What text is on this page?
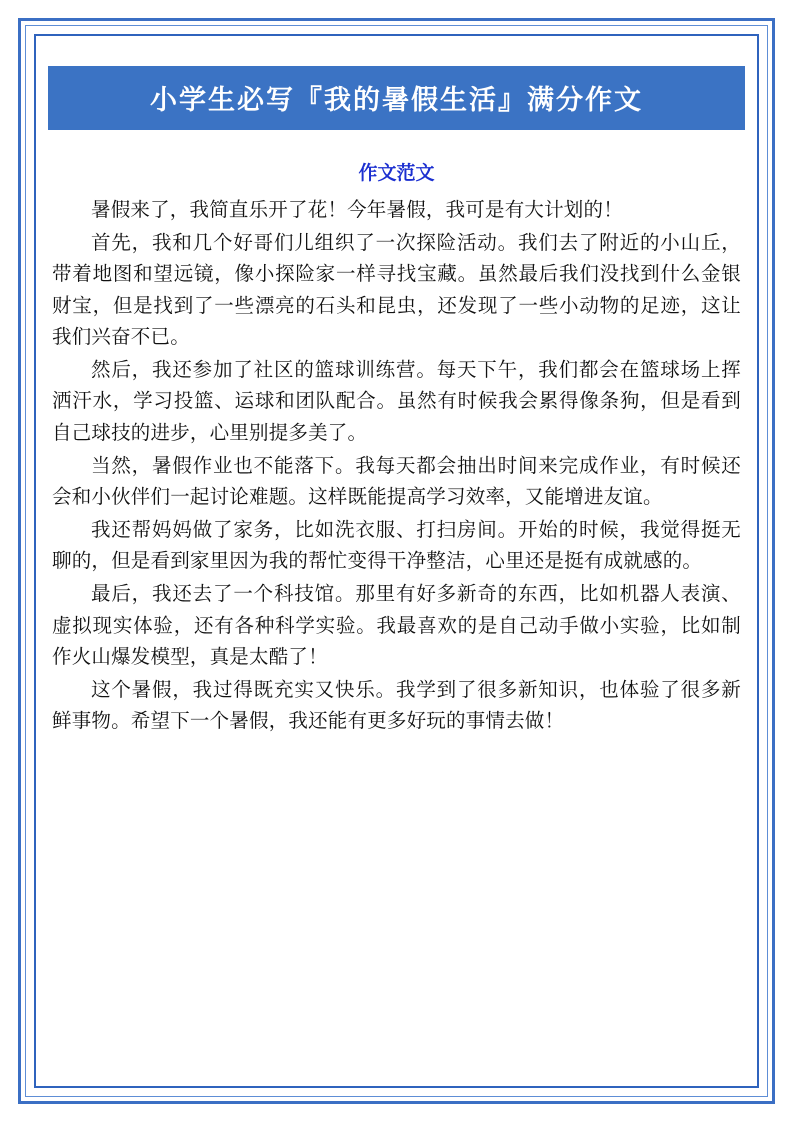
小学生必写『我的暑假生活』满分作文
作文范文

暑假来了，我简直乐开了花！今年暑假，我可是有大计划的！

首先，我和几个好哥们儿组织了一次探险活动。我们去了附近的小山丘，带着地图和望远镜，像小探险家一样寻找宝藏。虽然最后我们没找到什么金银财宝，但是找到了一些漂亮的石头和昆虫，还发现了一些小动物的足迹，这让我们兴奋不已。

然后，我还参加了社区的篮球训练营。每天下午，我们都会在篮球场上挥洒汗水，学习投篮、运球和团队配合。虽然有时候我会累得像条狗，但是看到自己球技的进步，心里别提多美了。

当然，暑假作业也不能落下。我每天都会抽出时间来完成作业，有时候还会和小伙伴们一起讨论难题。这样既能提高学习效率，又能增进友谊。

我还帮妈妈做了家务，比如洗衣服、打扫房间。开始的时候，我觉得挺无聊的，但是看到家里因为我的帮忙变得干净整洁，心里还是挺有成就感的。

最后，我还去了一个科技馆。那里有好多新奇的东西，比如机器人表演、虚拟现实体验，还有各种科学实验。我最喜欢的是自己动手做小实验，比如制作火山爆发模型，真是太酷了！

这个暑假，我过得既充实又快乐。我学到了很多新知识，也体验了很多新鲜事物。希望下一个暑假，我还能有更多好玩的事情去做！
